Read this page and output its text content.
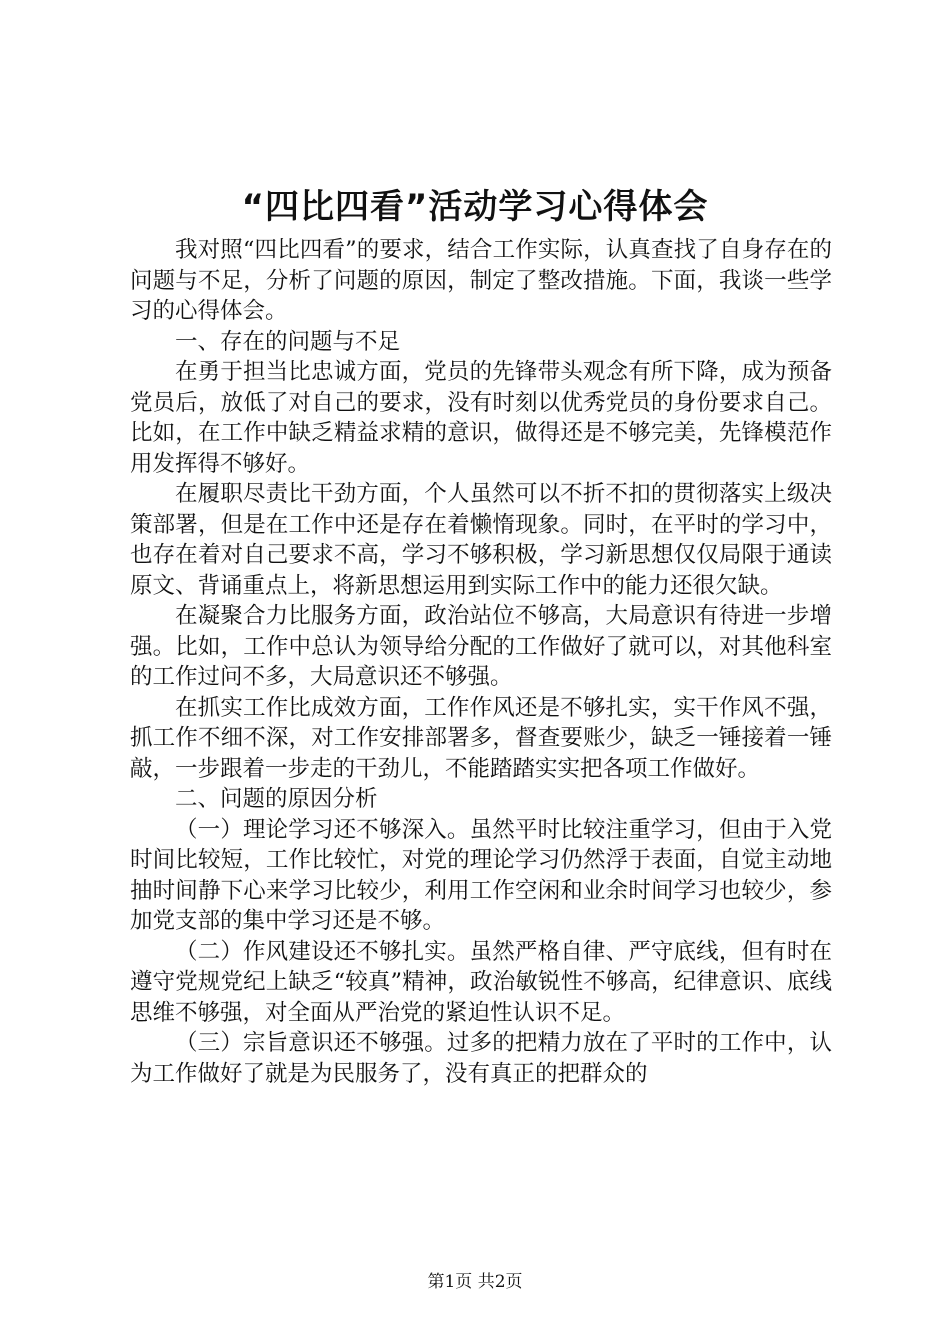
“四比四看”活动学习心得体会

我对照“四比四看”的要求，结合工作实际，认真查找了自身存在的问题与不足，分析了问题的原因，制定了整改措施。下面，我谈一些学习的心得体会。

一、存在的问题与不足

在勇于担当比忠诚方面，党员的先锋带头观念有所下降，成为预备党员后，放低了对自己的要求，没有时刻以优秀党员的身份要求自己。比如，在工作中缺乏精益求精的意识，做得还是不够完美，先锋模范作用发挥得不够好。

在履职尽责比干劲方面，个人虽然可以不折不扣的贯彻落实上级决策部署，但是在工作中还是存在着懒惰现象。同时，在平时的学习中，也存在着对自己要求不高，学习不够积极，学习新思想仅仅局限于通读原文、背诵重点上，将新思想运用到实际工作中的能力还很欠缺。

在凝聚合力比服务方面，政治站位不够高，大局意识有待进一步增强。比如，工作中总认为领导给分配的工作做好了就可以，对其他科室的工作过问不多，大局意识还不够强。

在抓实工作比成效方面，工作作风还是不够扎实，实干作风不强，抓工作不细不深，对工作安排部署多，督查要账少，缺乏一锤接着一锤敲，一步跟着一步走的干劲儿，不能踏踏实实把各项工作做好。

二、问题的原因分析

（一）理论学习还不够深入。虽然平时比较注重学习，但由于入党时间比较短，工作比较忙，对党的理论学习仍然浮于表面，自觉主动地抽时间静下心来学习比较少，利用工作空闲和业余时间学习也较少，参加党支部的集中学习还是不够。

（二）作风建设还不够扎实。虽然严格自律、严守底线，但有时在遵守党规党纪上缺乏“较真”精神，政治敏锐性不够高，纪律意识、底线思维不够强，对全面从严治党的紧迫性认识不足。

（三）宗旨意识还不够强。过多的把精力放在了平时的工作中，认为工作做好了就是为民服务了，没有真正的把群众的

第1页 共2页
